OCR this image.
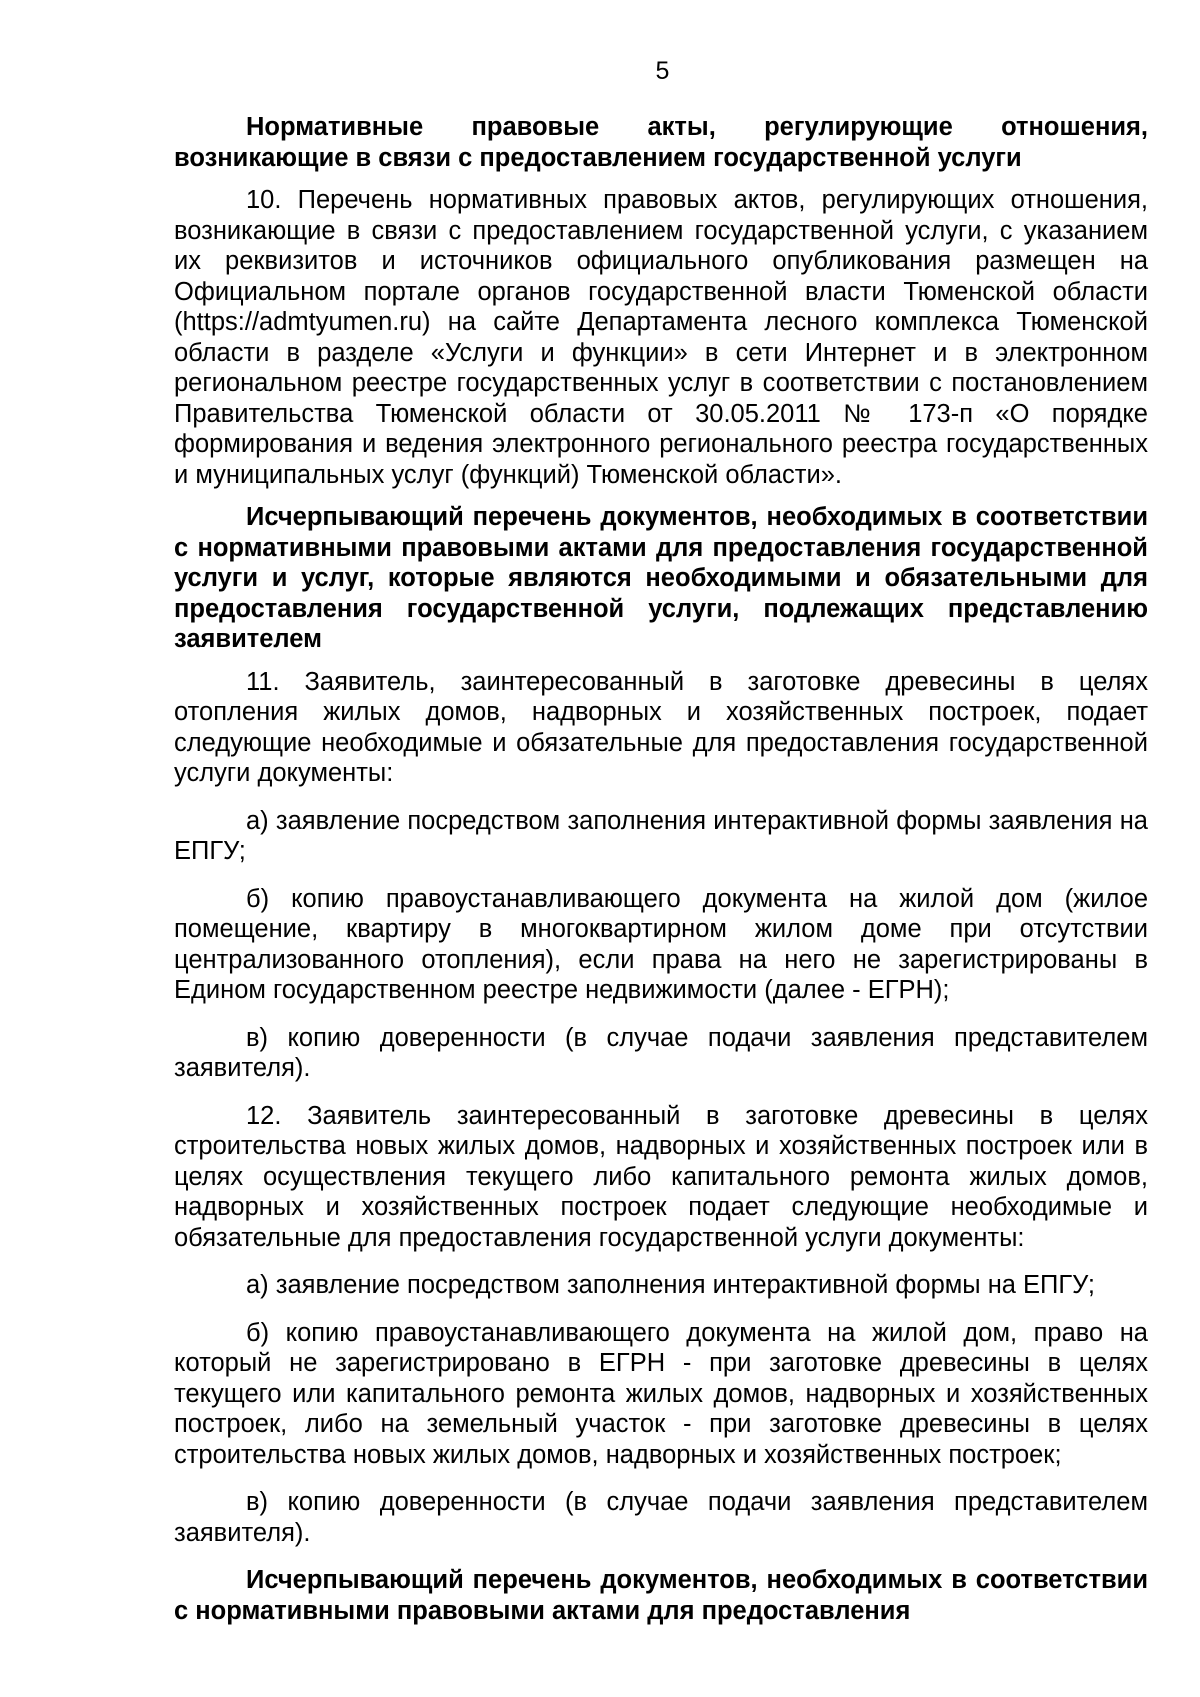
5

Нормативные правовые акты, регулирующие отношения, возникающие в связи с предоставлением государственной услуги

10. Перечень нормативных правовых актов, регулирующих отношения, возникающие в связи с предоставлением государственной услуги, с указанием их реквизитов и источников официального опубликования размещен на Официальном портале органов государственной власти Тюменской области (https://admtyumen.ru) на сайте Департамента лесного комплекса Тюменской области в разделе «Услуги и функции» в сети Интернет и в электронном региональном реестре государственных услуг в соответствии с постановлением Правительства Тюменской области от 30.05.2011 № 173-п «О порядке формирования и ведения электронного регионального реестра государственных и муниципальных услуг (функций) Тюменской области».

Исчерпывающий перечень документов, необходимых в соответствии с нормативными правовыми актами для предоставления государственной услуги и услуг, которые являются необходимыми и обязательными для предоставления государственной услуги, подлежащих представлению заявителем

11. Заявитель, заинтересованный в заготовке древесины в целях отопления жилых домов, надворных и хозяйственных построек, подает следующие необходимые и обязательные для предоставления государственной услуги документы:

а) заявление посредством заполнения интерактивной формы заявления на ЕПГУ;

б) копию правоустанавливающего документа на жилой дом (жилое помещение, квартиру в многоквартирном жилом доме при отсутствии централизованного отопления), если права на него не зарегистрированы в Едином государственном реестре недвижимости (далее - ЕГРН);

в) копию доверенности (в случае подачи заявления представителем заявителя).

12. Заявитель заинтересованный в заготовке древесины в целях строительства новых жилых домов, надворных и хозяйственных построек или в целях осуществления текущего либо капитального ремонта жилых домов, надворных и хозяйственных построек подает следующие необходимые и обязательные для предоставления государственной услуги документы:

а) заявление посредством заполнения интерактивной формы на ЕПГУ;

б) копию правоустанавливающего документа на жилой дом, право на который не зарегистрировано в ЕГРН - при заготовке древесины в целях текущего или капитального ремонта жилых домов, надворных и хозяйственных построек, либо на земельный участок - при заготовке древесины в целях строительства новых жилых домов, надворных и хозяйственных построек;

в) копию доверенности (в случае подачи заявления представителем заявителя).

Исчерпывающий перечень документов, необходимых в соответствии с нормативными правовыми актами для предоставления
